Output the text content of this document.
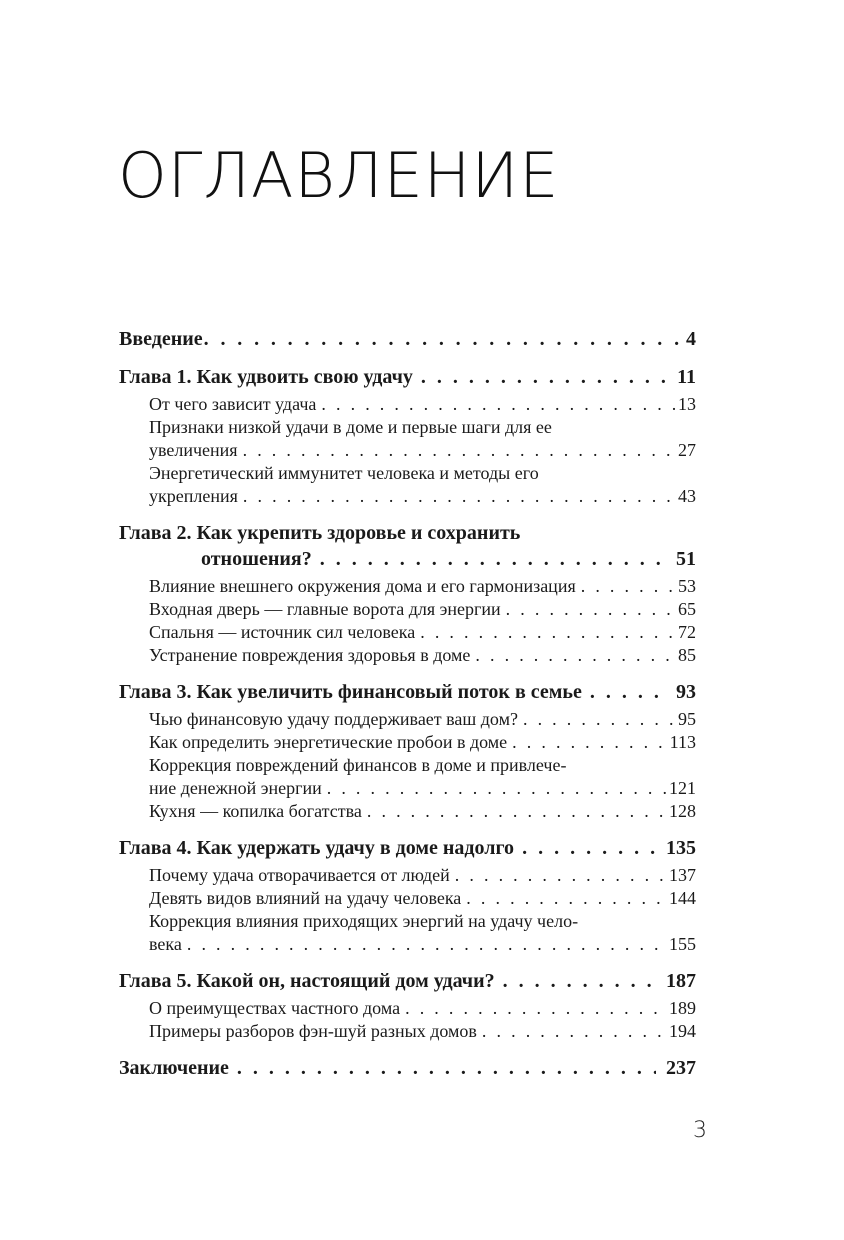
ОГЛАВЛЕНИЕ
Введение . . .	4
Глава 1. Как удвоить свою удачу . . .	11
От чего зависит удача . . .	13
Признаки низкой удачи в доме и первые шаги для ее
увеличения . . .	27
Энергетический иммунитет человека и методы его
укрепления . . .	43
Глава 2. Как укрепить здоровье и сохранить
отношения? . . .	51
Влияние внешнего окружения дома и его гармонизация . . .	53
Входная дверь — главные ворота для энергии . . .	65
Спальня — источник сил человека . . .	72
Устранение повреждения здоровья в доме . . .	85
Глава 3. Как увеличить финансовый поток в семье . . .	93
Чью финансовую удачу поддерживает ваш дом? . . .	95
Как определить энергетические пробои в доме . . .	113
Коррекция повреждений финансов в доме и привлече-
ние денежной энергии . . .	121
Кухня — копилка богатства . . .	128
Глава 4. Как удержать удачу в доме надолго . . .	135
Почему удача отворачивается от людей . . .	137
Девять видов влияний на удачу человека . . .	144
Коррекция влияния приходящих энергий на удачу чело-
века . . .	155
Глава 5. Какой он, настоящий дом удачи? . . .	187
О преимуществах частного дома . . .	189
Примеры разборов фэн-шуй разных домов . . .	194
Заключение . . .	237
3
